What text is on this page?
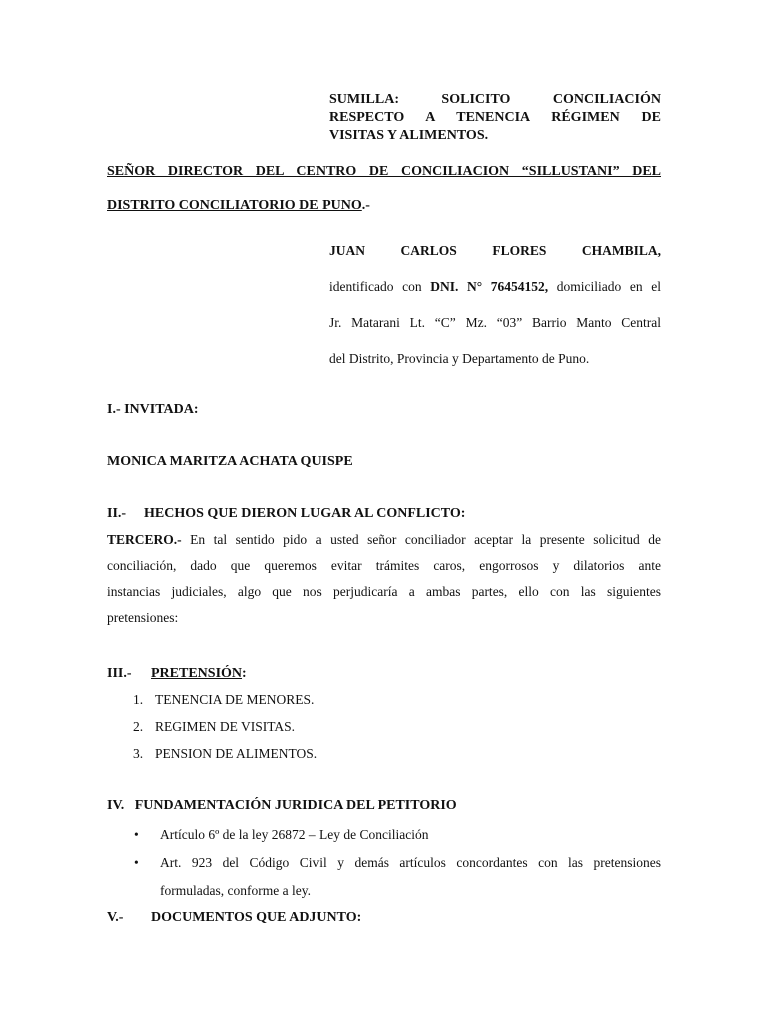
SUMILLA: SOLICITO CONCILIACIÓN
RESPECTO A TENENCIA RÉGIMEN DE
VISITAS Y ALIMENTOS.
SEÑOR DIRECTOR DEL CENTRO DE CONCILIACION “SILLUSTANI” DEL
DISTRITO CONCILIATORIO DE PUNO.-
JUAN CARLOS FLORES CHAMBILA,
identificado con DNI. N° 76454152, domiciliado en el
Jr. Matarani Lt. “C” Mz. “03” Barrio Manto Central
del Distrito, Provincia y Departamento de Puno.
I.- INVITADA:
MONICA MARITZA ACHATA QUISPE
II.- HECHOS QUE DIERON LUGAR AL CONFLICTO:
TERCERO.- En tal sentido pido a usted señor conciliador aceptar la presente solicitud de
conciliación, dado que queremos evitar trámites caros, engorrosos y dilatorios ante
instancias judiciales, algo que nos perjudicaría a ambas partes, ello con las siguientes
pretensiones:
III.- PRETENSIÓN:
1. TENENCIA DE MENORES.
2. REGIMEN DE VISITAS.
3. PENSION DE ALIMENTOS.
IV.   FUNDAMENTACIÓN JURIDICA DEL PETITORIO
• Artículo 6º de la ley 26872 – Ley de Conciliación
• Art. 923 del Código Civil y demás artículos concordantes con las pretensiones
formuladas, conforme a ley.
V.- DOCUMENTOS QUE ADJUNTO:
